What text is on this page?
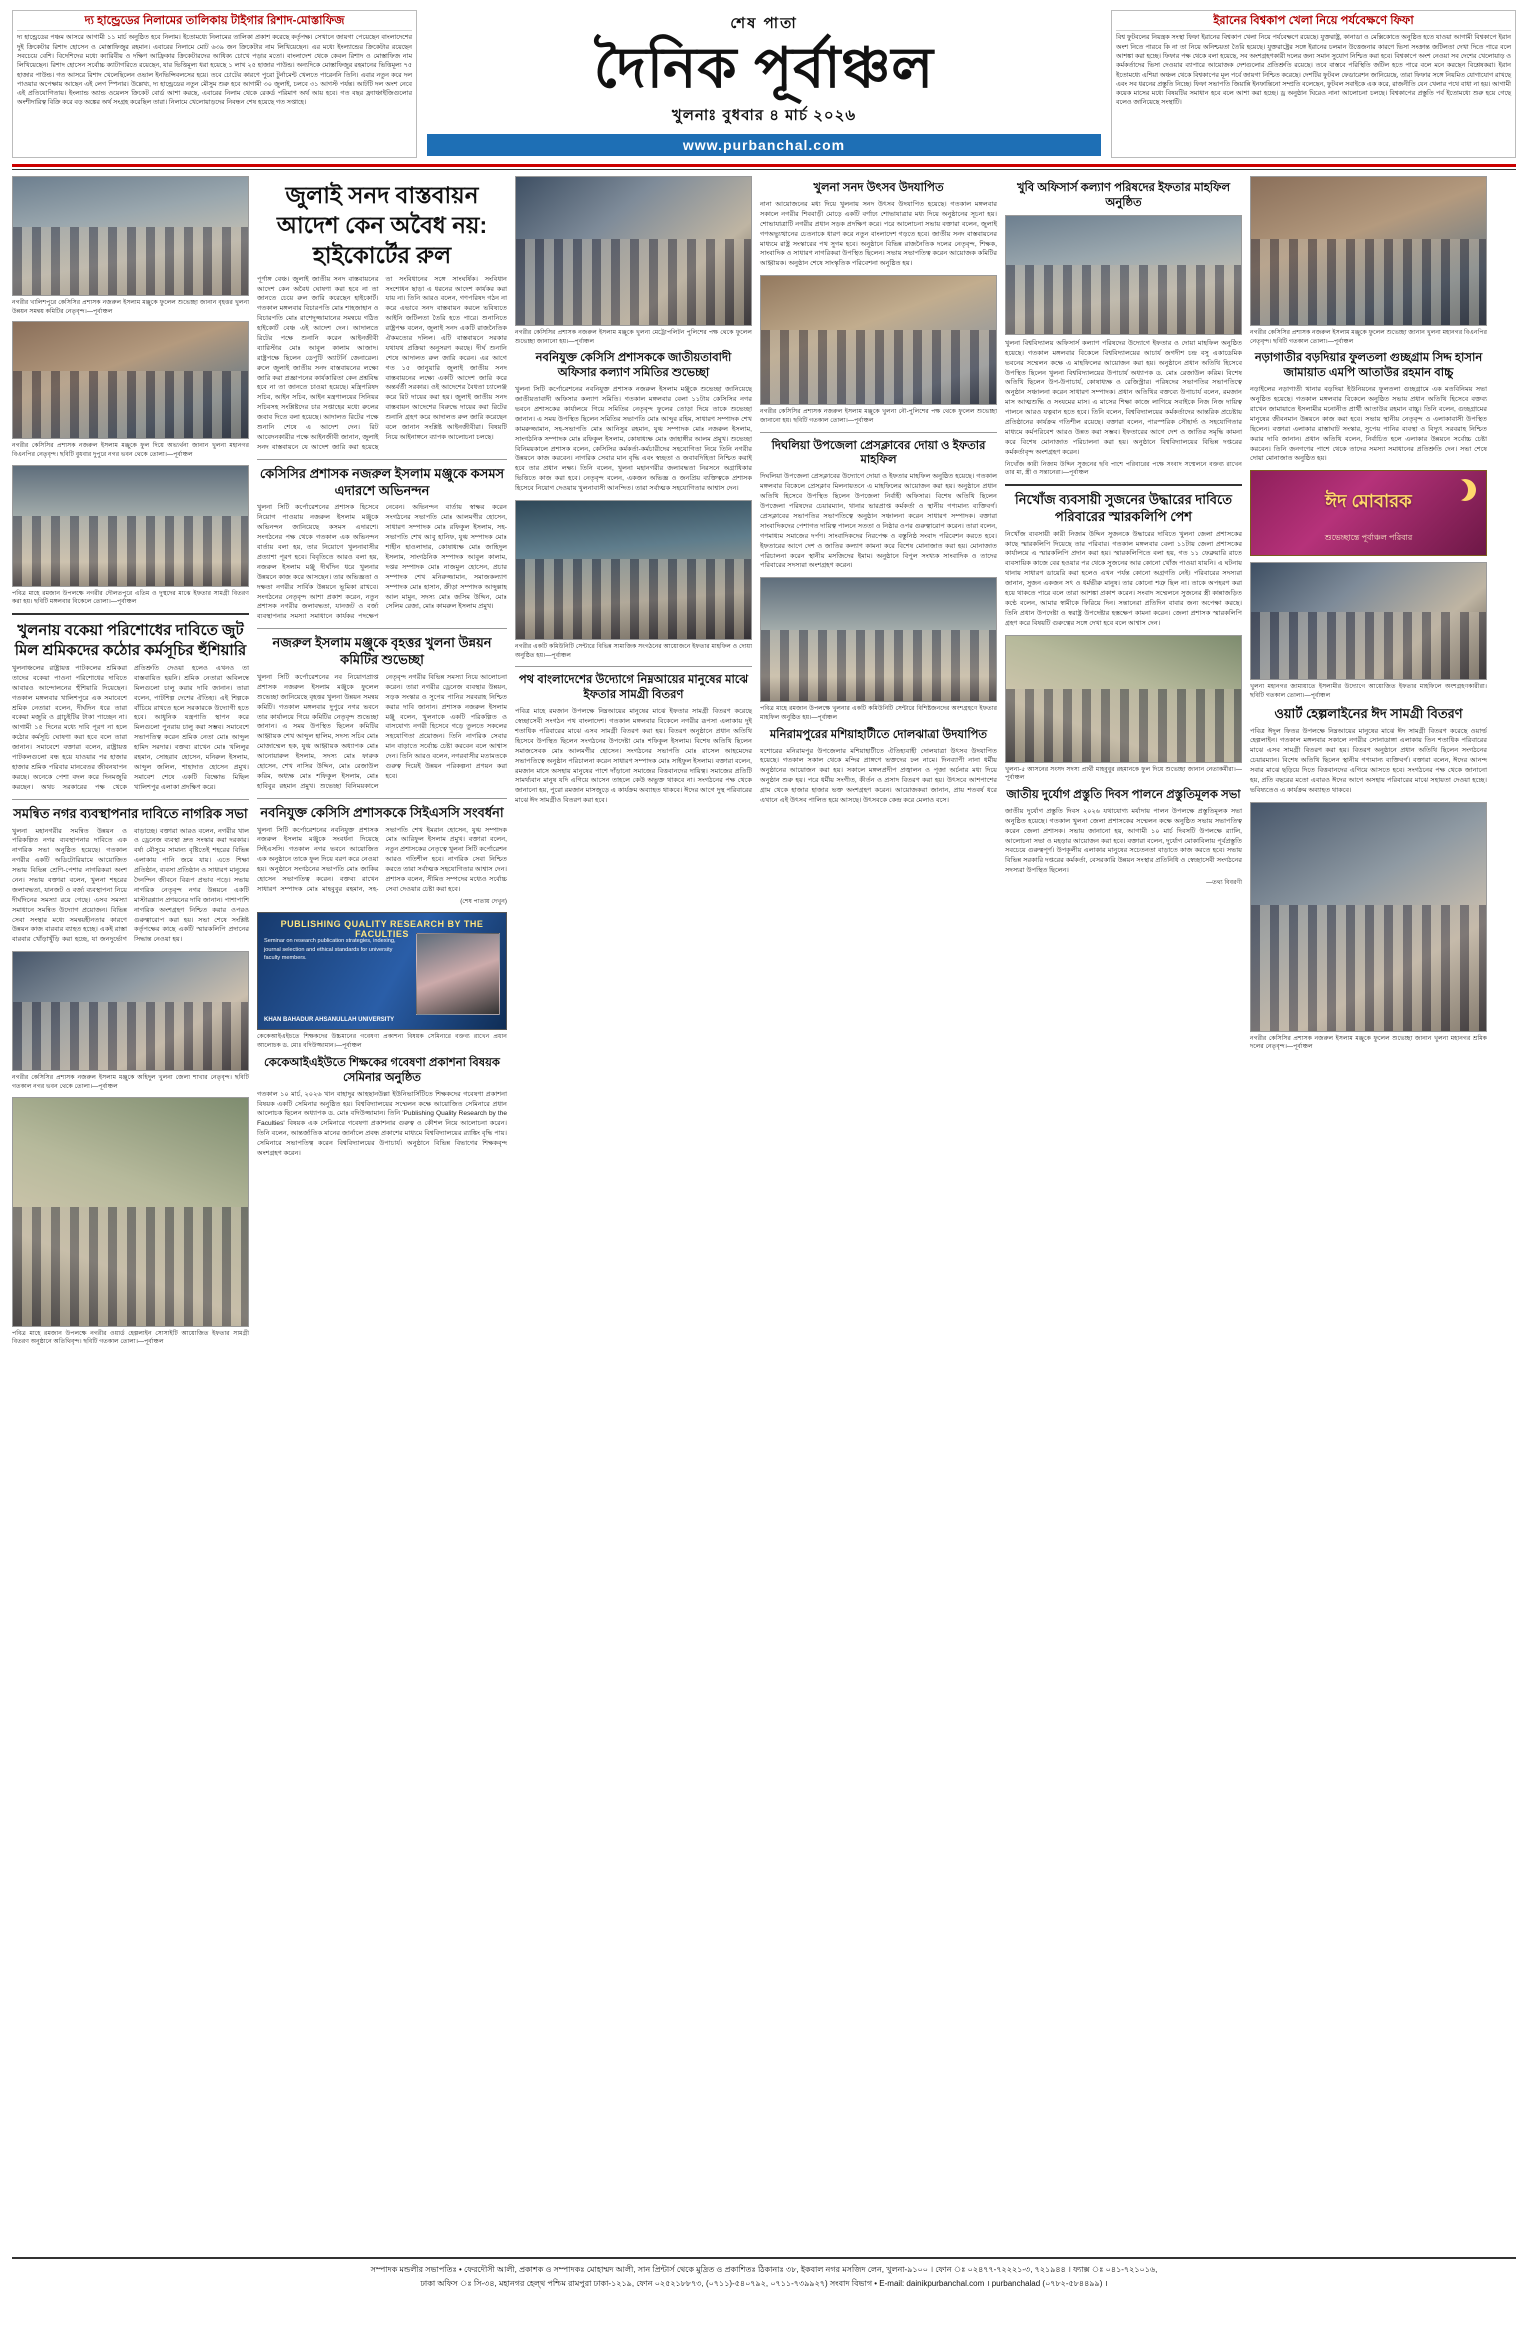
দ্য হান্ড্রেডের নিলামের তালিকায় টাইগার রিশাদ-মোস্তাফিজ
দ্য হান্ড্রেডের পঞ্চম আসরে আগামী ১১ মার্চ অনুষ্ঠিত হবে নিলাম। ইতোমধ্যে নিলামের তালিকা প্রকাশ করেছে কর্তৃপক্ষ। সেখানে জায়গা পেয়েছেন বাংলাদেশের দুই ক্রিকেটার রিশাদ হোসেন ও মোস্তাফিজুর রহমান। এবারের নিলামে মোট ৬৩৯ জন ক্রিকেটার নাম লিখিয়েছেন। এর মধ্যে ইংল্যান্ডের ক্রিকেটার রয়েছেন সবচেয়ে বেশি। বিদেশিদের মধ্যে ক্যারিবীয় ও দক্ষিণ আফ্রিকার ক্রিকেটারদের আধিক্য চোখে পড়ার মতো। বাংলাদেশ থেকে কেবল রিশাদ ও মোস্তাফিজ নাম লিখিয়েছেন। রিশাদ হোসেন সর্বোচ্চ ক্যাটাগরিতে রয়েছেন, যার ভিত্তিমূল্য ধরা হয়েছে ১ লাখ ২৫ হাজার পাউন্ড। অন্যদিকে মোস্তাফিজুর রহমানের ভিত্তিমূল্য ৭৫ হাজার পাউন্ড। গত আসরে রিশাদ খেলেছিলেন ওভাল ইনভিন্সিবলসের হয়ে। তবে চোটের কারণে পুরো টুর্নামেন্ট খেলতে পারেননি তিনি। এবার নতুন করে দল পাওয়ার অপেক্ষায় আছেন এই লেগ স্পিনার। উল্লেখ্য, দ্য হান্ড্রেডের নতুন মৌসুম শুরু হবে আগামী ৩০ জুলাই, চলবে ৩১ আগস্ট পর্যন্ত। আটটি দল অংশ নেবে এই প্রতিযোগিতায়। ইংল্যান্ড অ্যান্ড ওয়েলস ক্রিকেট বোর্ড আশা করছে, এবারের নিলাম থেকে রেকর্ড পরিমাণ অর্থ আয় হবে। গত বছর ফ্র্যাঞ্চাইজিগুলোর অংশীদারিত্ব বিক্রি করে বড় অঙ্কের অর্থ সংগ্রহ করেছিল তারা। নিলামে খেলোয়াড়দের নিবন্ধন শেষ হয়েছে গত সপ্তাহে।
শেষ পাতা
দৈনিক পূর্বাঞ্চল
খুলনাঃ বুধবার ৪ মার্চ ২০২৬
www.purbanchal.com
ইরানের বিশ্বকাপ খেলা নিয়ে পর্যবেক্ষণে ফিফা
বিশ্ব ফুটবলের নিয়ন্ত্রক সংস্থা ফিফা ইরানের বিশ্বকাপ খেলা নিয়ে পর্যবেক্ষণে রয়েছে। যুক্তরাষ্ট্র, কানাডা ও মেক্সিকোতে অনুষ্ঠিত হতে যাওয়া আগামী বিশ্বকাপে ইরান অংশ নিতে পারবে কি না তা নিয়ে অনিশ্চয়তা তৈরি হয়েছে। যুক্তরাষ্ট্রের সঙ্গে ইরানের চলমান উত্তেজনার কারণে ভিসা সংক্রান্ত জটিলতা দেখা দিতে পারে বলে আশঙ্কা করা হচ্ছে। ফিফার পক্ষ থেকে বলা হয়েছে, সব অংশগ্রহণকারী দলের জন্য সমান সুযোগ নিশ্চিত করা হবে। বিশ্বকাপে অংশ নেওয়া সব দেশের খেলোয়াড় ও কর্মকর্তাদের ভিসা দেওয়ার ব্যাপারে আয়োজক দেশগুলোর প্রতিশ্রুতি রয়েছে। তবে বাস্তবে পরিস্থিতি জটিল হতে পারে বলে মনে করছেন বিশ্লেষকরা। ইরান ইতোমধ্যে এশিয়া অঞ্চল থেকে বিশ্বকাপের মূল পর্বে জায়গা নিশ্চিত করেছে। দেশটির ফুটবল ফেডারেশন জানিয়েছে, তারা ফিফার সঙ্গে নিয়মিত যোগাযোগ রাখছে এবং সব ধরনের প্রস্তুতি নিচ্ছে। ফিফা সভাপতি জিয়ান্নি ইনফান্তিনো সম্প্রতি বলেছেন, ফুটবল সবাইকে এক করে, রাজনীতি যেন খেলার পথে বাধা না হয়। আগামী কয়েক মাসের মধ্যে বিষয়টির সমাধান হবে বলে আশা করা হচ্ছে। ড্র অনুষ্ঠান ঘিরেও নানা আলোচনা চলছে। বিশ্বকাপের প্রস্তুতি পর্ব ইতোমধ্যে শুরু হয়ে গেছে বলেও জানিয়েছে সংস্থাটি।
নগরীর খালিশপুরে কেসিসির প্রশাসক নজরুল ইসলাম মঞ্জুকে ফুলেল শুভেচ্ছা জানান বৃহত্তর খুলনা উন্নয়ন সমন্বয় কমিটির নেতৃবৃন্দ।—পূর্বাঞ্চল
নগরীর কেসিসির প্রশাসক নজরুল ইসলাম মঞ্জুকে ফুল দিয়ে অভ্যর্থনা জানান খুলনা মহানগর বিএনপির নেতৃবৃন্দ। ছবিটি বুধবার দুপুরে নগর ভবন থেকে তোলা।—পূর্বাঞ্চল
পবিত্র মাহে রমজান উপলক্ষে নগরীর দৌলতপুরে এতিম ও দুস্থদের মাঝে ইফতার সামগ্রী বিতরণ করা হয়। ছবিটি মঙ্গলবার বিকেলে তোলা।—পূর্বাঞ্চল
খুলনায় বকেয়া পরিশোধের দাবিতে জুট মিল শ্রমিকদের কঠোর কর্মসূচির হুঁশিয়ারি
খুলনাঞ্চলের রাষ্ট্রায়ত্ত পাটকলের শ্রমিকরা তাদের বকেয়া পাওনা পরিশোধের দাবিতে আবারও আন্দোলনের হুঁশিয়ারি দিয়েছেন। গতকাল মঙ্গলবার খালিশপুরে এক সমাবেশে শ্রমিক নেতারা বলেন, দীর্ঘদিন ধরে তারা বকেয়া মজুরি ও গ্রাচুইটির টাকা পাচ্ছেন না। আগামী ১৫ দিনের মধ্যে দাবি পূরণ না হলে কঠোর কর্মসূচি ঘোষণা করা হবে বলে তারা জানান। সমাবেশে বক্তারা বলেন, রাষ্ট্রায়ত্ত পাটকলগুলো বন্ধ হয়ে যাওয়ার পর হাজার হাজার শ্রমিক পরিবার মানবেতর জীবনযাপন করছে। অনেকে পেশা বদল করে দিনমজুরি করছেন। অথচ সরকারের পক্ষ থেকে প্রতিশ্রুতি দেওয়া হলেও এখনও তা বাস্তবায়িত হয়নি। শ্রমিক নেতারা অবিলম্বে মিলগুলো চালু করার দাবি জানান। তারা বলেন, পাটশিল্প দেশের ঐতিহ্য। এই শিল্পকে বাঁচিয়ে রাখতে হলে সরকারকে উদ্যোগী হতে হবে। আধুনিক যন্ত্রপাতি স্থাপন করে মিলগুলো পুনরায় চালু করা সম্ভব। সমাবেশে সভাপতিত্ব করেন শ্রমিক নেতা মোঃ আব্দুল হামিদ সরদার। বক্তব্য রাখেন মোঃ খলিলুর রহমান, সোহরাব হোসেন, মনিরুল ইসলাম, আব্দুল জলিল, শাহাদাত হোসেন প্রমুখ। সমাবেশ শেষে একটি বিক্ষোভ মিছিল খালিশপুর এলাকা প্রদক্ষিণ করে।
সমন্বিত নগর ব্যবস্থাপনার দাবিতে নাগরিক সভা
খুলনা মহানগরীর সমন্বিত উন্নয়ন ও পরিকল্পিত নগর ব্যবস্থাপনার দাবিতে এক নাগরিক সভা অনুষ্ঠিত হয়েছে। গতকাল নগরীর একটি অডিটোরিয়ামে আয়োজিত সভায় বিভিন্ন শ্রেণি-পেশার নাগরিকরা অংশ নেন। সভায় বক্তারা বলেন, খুলনা শহরের জলাবদ্ধতা, যানজট ও বর্জ্য ব্যবস্থাপনা নিয়ে দীর্ঘদিনের সমস্যা রয়ে গেছে। এসব সমস্যা সমাধানে সমন্বিত উদ্যোগ প্রয়োজন। বিভিন্ন সেবা সংস্থার মধ্যে সমন্বয়হীনতার কারণে উন্নয়ন কাজ বারবার ব্যাহত হচ্ছে। একই রাস্তা বারবার খোঁড়াখুঁড়ি করা হচ্ছে, যা জনদুর্ভোগ বাড়াচ্ছে। বক্তারা আরও বলেন, নগরীর খাল ও ড্রেনেজ ব্যবস্থা দ্রুত সংস্কার করা দরকার। বর্ষা মৌসুমে সামান্য বৃষ্টিতেই শহরের বিভিন্ন এলাকায় পানি জমে যায়। এতে শিক্ষা প্রতিষ্ঠান, ব্যবসা প্রতিষ্ঠান ও সাধারণ মানুষের দৈনন্দিন জীবনে বিরূপ প্রভাব পড়ে। সভায় নাগরিক নেতৃবৃন্দ নগর উন্নয়নে একটি মাস্টারপ্ল্যান প্রণয়নের দাবি জানান। পাশাপাশি নাগরিক অংশগ্রহণ নিশ্চিত করার ওপরও গুরুত্বারোপ করা হয়। সভা শেষে সংশ্লিষ্ট কর্তৃপক্ষের কাছে একটি স্মারকলিপি প্রদানের সিদ্ধান্ত নেওয়া হয়।
নগরীর কেসিসির প্রশাসক নজরুল ইসলাম মঞ্জুকে অহিদুল খুলনা জেলা শাখার নেতৃবৃন্দ। ছবিটি গতকাল নগর ভবন থেকে তোলা।—পূর্বাঞ্চল
পবিত্র মাহে রমজান উপলক্ষে নগরীর ওয়ার্ড হেল্পলাইন সোসাইটি আয়োজিত ইফতার সামগ্রী বিতরণ অনুষ্ঠানে অতিথিবৃন্দ। ছবিটি গতকাল তোলা।—পূর্বাঞ্চল
জুলাই সনদ বাস্তবায়ন আদেশ কেন অবৈধ নয়: হাইকোর্টের রুল
পূর্ণাঙ্গ বেঞ্চ। জুলাই জাতীয় সনদ বাস্তবায়নের আদেশ কেন অবৈধ ঘোষণা করা হবে না তা জানতে চেয়ে রুল জারি করেছেন হাইকোর্ট। গতকাল মঙ্গলবার বিচারপতি মোঃ শাহজাহান ও বিচারপতি মোঃ রাশেদুজ্জামানের সমন্বয়ে গঠিত হাইকোর্ট বেঞ্চ এই আদেশ দেন। আদালতে রিটের পক্ষে শুনানি করেন আইনজীবী ব্যারিস্টার মোঃ আবুল কালাম আজাদ। রাষ্ট্রপক্ষে ছিলেন ডেপুটি অ্যাটর্নি জেনারেল। রুলে জুলাই জাতীয় সনদ বাস্তবায়নের লক্ষ্যে জারি করা প্রজ্ঞাপনের কার্যকারিতা কেন প্রশ্নবিদ্ধ হবে না তা জানতে চাওয়া হয়েছে। মন্ত্রিপরিষদ সচিব, আইন সচিব, আইন মন্ত্রণালয়ের সিনিয়র সচিবসহ সংশ্লিষ্টদের চার সপ্তাহের মধ্যে রুলের জবাব দিতে বলা হয়েছে। আদালত রিটের পক্ষে শুনানি শেষে এ আদেশ দেন। রিট আবেদনকারীর পক্ষে আইনজীবী জানান, জুলাই সনদ বাস্তবায়নে যে আদেশ জারি করা হয়েছে তা সংবিধানের সঙ্গে সাংঘর্ষিক। সংবিধান সংশোধন ছাড়া এ ধরনের আদেশ কার্যকর করা যায় না। তিনি আরও বলেন, গণপরিষদ গঠন না করে এভাবে সনদ বাস্তবায়ন করলে ভবিষ্যতে আইনি জটিলতা তৈরি হতে পারে। শুনানিতে রাষ্ট্রপক্ষ বলেন, জুলাই সনদ একটি রাজনৈতিক ঐকমত্যের দলিল। এটি বাস্তবায়নে সরকার যথাযথ প্রক্রিয়া অনুসরণ করছে। দীর্ঘ শুনানি শেষে আদালত রুল জারি করেন। এর আগে গত ১৫ জানুয়ারি জুলাই জাতীয় সনদ বাস্তবায়নের লক্ষ্যে একটি আদেশ জারি করে অন্তর্বর্তী সরকার। ওই আদেশের বৈধতা চ্যালেঞ্জ করে রিট দায়ের করা হয়। জুলাই জাতীয় সনদ বাস্তবায়ন আদেশের বিরুদ্ধে দায়ের করা রিটের শুনানি গ্রহণ করে আদালত রুল জারি করেছেন বলে জানান সংশ্লিষ্ট আইনজীবীরা। বিষয়টি নিয়ে আইনাঙ্গনে ব্যাপক আলোচনা চলছে।
কেসিসির প্রশাসক নজরুল ইসলাম মঞ্জুকে কসমস এদারশে অভিনন্দন
খুলনা সিটি কর্পোরেশনের প্রশাসক হিসেবে নিয়োগ পাওয়ায় নজরুল ইসলাম মঞ্জুকে অভিনন্দন জানিয়েছে কসমস এদারশে। সংগঠনের পক্ষ থেকে গতকাল এক অভিনন্দন বার্তায় বলা হয়, তার নিয়োগে খুলনাবাসীর প্রত্যাশা পূরণ হবে। বিবৃতিতে আরও বলা হয়, নজরুল ইসলাম মঞ্জু দীর্ঘদিন ধরে খুলনার উন্নয়নে কাজ করে আসছেন। তার অভিজ্ঞতা ও দক্ষতা নগরীর সার্বিক উন্নয়নে ভূমিকা রাখবে। সংগঠনের নেতৃবৃন্দ আশা প্রকাশ করেন, নতুন প্রশাসক নগরীর জলাবদ্ধতা, যানজট ও বর্জ্য ব্যবস্থাপনার সমস্যা সমাধানে কার্যকর পদক্ষেপ নেবেন। অভিনন্দন বার্তায় স্বাক্ষর করেন সংগঠনের সভাপতি মোঃ আলমগীর হোসেন, সাধারণ সম্পাদক মোঃ রফিকুল ইসলাম, সহ-সভাপতি শেখ আবু হানিফ, যুগ্ম সম্পাদক মোঃ শাহীন হাওলাদার, কোষাধ্যক্ষ মোঃ জাহিদুল ইসলাম, সাংগঠনিক সম্পাদক আবুল কালাম, দপ্তর সম্পাদক মোঃ নাজমুল হোসেন, প্রচার সম্পাদক শেখ মনিরুজ্জামান, সমাজকল্যাণ সম্পাদক মোঃ হাসান, ক্রীড়া সম্পাদক আব্দুল্লাহ আল মামুন, সদস্য মোঃ জসিম উদ্দিন, মোঃ সেলিম রেজা, মোঃ কামরুল ইসলাম প্রমুখ।
নজরুল ইসলাম মঞ্জুকে বৃহত্তর খুলনা উন্নয়ন কমিটির শুভেচ্ছা
খুলনা সিটি কর্পোরেশনের নব নিয়োগপ্রাপ্ত প্রশাসক নজরুল ইসলাম মঞ্জুকে ফুলেল শুভেচ্ছা জানিয়েছে বৃহত্তর খুলনা উন্নয়ন সমন্বয় কমিটি। গতকাল মঙ্গলবার দুপুরে নগর ভবনে তার কার্যালয়ে গিয়ে কমিটির নেতৃবৃন্দ শুভেচ্ছা জানান। এ সময় উপস্থিত ছিলেন কমিটির আহ্বায়ক শেখ আব্দুল হালিম, সদস্য সচিব মোঃ মোজাম্মেল হক, যুগ্ম আহ্বায়ক অধ্যাপক মোঃ আনোয়ারুল ইসলাম, সদস্য মোঃ ফারুক হোসেন, শেখ নাসির উদ্দিন, মোঃ রেজাউল করিম, অধ্যক্ষ মোঃ শফিকুল ইসলাম, মোঃ হাবিবুর রহমান প্রমুখ। শুভেচ্ছা বিনিময়কালে নেতৃবৃন্দ নগরীর বিভিন্ন সমস্যা নিয়ে আলোচনা করেন। তারা নগরীর ড্রেনেজ ব্যবস্থার উন্নয়ন, সড়ক সংস্কার ও সুপেয় পানির সরবরাহ নিশ্চিত করার দাবি জানান। প্রশাসক নজরুল ইসলাম মঞ্জু বলেন, খুলনাকে একটি পরিকল্পিত ও বাসযোগ্য নগরী হিসেবে গড়ে তুলতে সকলের সহযোগিতা প্রয়োজন। তিনি নাগরিক সেবার মান বাড়াতে সর্বোচ্চ চেষ্টা করবেন বলে আশ্বাস দেন। তিনি আরও বলেন, নগরবাসীর মতামতকে গুরুত্ব দিয়েই উন্নয়ন পরিকল্পনা প্রণয়ন করা হবে।
নবনিযুক্ত কেসিসি প্রশাসককে সিইএসসি সংবর্ধনা
খুলনা সিটি কর্পোরেশনের নবনিযুক্ত প্রশাসক নজরুল ইসলাম মঞ্জুকে সংবর্ধনা দিয়েছে সিইএসসি। গতকাল নগর ভবনে আয়োজিত এক অনুষ্ঠানে তাকে ফুল দিয়ে বরণ করে নেওয়া হয়। অনুষ্ঠানে সংগঠনের সভাপতি মোঃ জাকির হোসেন সভাপতিত্ব করেন। বক্তব্য রাখেন সাধারণ সম্পাদক মোঃ মাহবুবুর রহমান, সহ-সভাপতি শেখ ইমরান হোসেন, যুগ্ম সম্পাদক মোঃ আরিফুল ইসলাম প্রমুখ। বক্তারা বলেন, নতুন প্রশাসকের নেতৃত্বে খুলনা সিটি কর্পোরেশন আরও গতিশীল হবে। নাগরিক সেবা নিশ্চিত করতে তারা সর্বাত্মক সহযোগিতার আশ্বাস দেন। প্রশাসক বলেন, সীমিত সম্পদের মধ্যেও সর্বোচ্চ সেবা দেওয়ার চেষ্টা করা হবে।
(শেষ পাতায় দেখুন)
PUBLISHING QUALITY RESEARCH BY THE FACULTIES
Seminar on research publication strategies, indexing, journal selection and ethical standards for university faculty members.
KHAN BAHADUR AHSANULLAH UNIVERSITY
কেকেআইএইচতে শিক্ষকদের উচ্চমানের গবেষণা প্রকাশনা বিষয়ক সেমিনারে বক্তব্য রাখেন প্রধান আলোচক ড. মোঃ বদিউজ্জামান।—পূর্বাঞ্চল
কেকেআইএইউতে শিক্ষকের গবেষণা প্রকাশনা বিষয়ক সেমিনার অনুষ্ঠিত
গতকাল ১০ মার্চ, ২০২৬ খান বাহাদুর আহছানউল্লা ইউনিভার্সিটিতে শিক্ষকদের গবেষণা প্রকাশনা বিষয়ক একটি সেমিনার অনুষ্ঠিত হয়। বিশ্ববিদ্যালয়ের সম্মেলন কক্ষে আয়োজিত সেমিনারে প্রধান আলোচক ছিলেন অধ্যাপক ড. মোঃ বদিউজ্জামান। তিনি 'Publishing Quality Research by the Faculties' বিষয়ক এক সেমিনারে গবেষণা প্রকাশনার গুরুত্ব ও কৌশল নিয়ে আলোচনা করেন। তিনি বলেন, আন্তর্জাতিক মানের জার্নালে প্রবন্ধ প্রকাশের মাধ্যমে বিশ্ববিদ্যালয়ের র‌্যাঙ্কিং বৃদ্ধি পায়। সেমিনারে সভাপতিত্ব করেন বিশ্ববিদ্যালয়ের উপাচার্য। অনুষ্ঠানে বিভিন্ন বিভাগের শিক্ষকবৃন্দ অংশগ্রহণ করেন।
নগরীর কেসিসির প্রশাসক নজরুল ইসলাম মঞ্জুকে খুলনা মেট্রোপলিটন পুলিশের পক্ষ থেকে ফুলেল শুভেচ্ছা জানানো হয়।—পূর্বাঞ্চল
নবনিযুক্ত কেসিসি প্রশাসককে জাতীয়তাবাদী অফিসার কল্যাণ সমিতির শুভেচ্ছা
খুলনা সিটি কর্পোরেশনের নবনিযুক্ত প্রশাসক নজরুল ইসলাম মঞ্জুকে শুভেচ্ছা জানিয়েছে জাতীয়তাবাদী অফিসার কল্যাণ সমিতি। গতকাল মঙ্গলবার বেলা ১১টায় কেসিসির নগর ভবনে প্রশাসকের কার্যালয়ে গিয়ে সমিতির নেতৃবৃন্দ ফুলের তোড়া দিয়ে তাকে শুভেচ্ছা জানান। এ সময় উপস্থিত ছিলেন সমিতির সভাপতি মোঃ আব্দুর রহিম, সাধারণ সম্পাদক শেখ কামরুজ্জামান, সহ-সভাপতি মোঃ আনিসুর রহমান, যুগ্ম সম্পাদক মোঃ নজরুল ইসলাম, সাংগঠনিক সম্পাদক মোঃ রফিকুল ইসলাম, কোষাধ্যক্ষ মোঃ জাহাঙ্গীর আলম প্রমুখ। শুভেচ্ছা বিনিময়কালে প্রশাসক বলেন, কেসিসির কর্মকর্তা-কর্মচারীদের সহযোগিতা নিয়ে তিনি নগরীর উন্নয়নে কাজ করবেন। নাগরিক সেবার মান বৃদ্ধি এবং স্বচ্ছতা ও জবাবদিহিতা নিশ্চিত করাই হবে তার প্রধান লক্ষ্য। তিনি বলেন, খুলনা মহানগরীর জলাবদ্ধতা নিরসনে অগ্রাধিকার ভিত্তিতে কাজ করা হবে। নেতৃবৃন্দ বলেন, একজন অভিজ্ঞ ও জনপ্রিয় ব্যক্তিত্বকে প্রশাসক হিসেবে নিয়োগ দেওয়ায় খুলনাবাসী আনন্দিত। তারা সর্বাত্মক সহযোগিতার আশ্বাস দেন।
নগরীর একটি কমিউনিটি সেন্টারে বিভিন্ন সামাজিক সংগঠনের আয়োজনে ইফতার মাহফিল ও দোয়া অনুষ্ঠিত হয়।—পূর্বাঞ্চল
পথ বাংলাদেশের উদ্যোগে নিম্নআয়ের মানুষের মাঝে ইফতার সামগ্রী বিতরণ
পবিত্র মাহে রমজান উপলক্ষে নিম্নআয়ের মানুষের মাঝে ইফতার সামগ্রী বিতরণ করেছে স্বেচ্ছাসেবী সংগঠন পথ বাংলাদেশ। গতকাল মঙ্গলবার বিকেলে নগরীর রূপসা এলাকায় দুই শতাধিক পরিবারের মাঝে এসব সামগ্রী বিতরণ করা হয়। বিতরণ অনুষ্ঠানে প্রধান অতিথি হিসেবে উপস্থিত ছিলেন সংগঠনের উপদেষ্টা মোঃ শফিকুল ইসলাম। বিশেষ অতিথি ছিলেন সমাজসেবক মোঃ আলমগীর হোসেন। সংগঠনের সভাপতি মোঃ রাসেল আহমেদের সভাপতিত্বে অনুষ্ঠান পরিচালনা করেন সাধারণ সম্পাদক মোঃ সাইফুল ইসলাম। বক্তারা বলেন, রমজান মাসে অসহায় মানুষের পাশে দাঁড়ানো সমাজের বিত্তবানদের দায়িত্ব। সমাজের প্রতিটি সামর্থ্যবান মানুষ যদি এগিয়ে আসেন তাহলে কেউ অভুক্ত থাকবে না। সংগঠনের পক্ষ থেকে জানানো হয়, পুরো রমজান মাসজুড়ে এ কার্যক্রম অব্যাহত থাকবে। ঈদের আগে দুস্থ পরিবারের মাঝে ঈদ সামগ্রীও বিতরণ করা হবে।
খুলনা সনদ উৎসব উদযাপিত
নানা আয়োজনের মধ্য দিয়ে খুলনায় সনদ উৎসব উদযাপিত হয়েছে। গতকাল মঙ্গলবার সকালে নগরীর শিববাড়ী মোড়ে একটি বর্ণাঢ্য শোভাযাত্রার মধ্য দিয়ে অনুষ্ঠানের সূচনা হয়। শোভাযাত্রাটি নগরীর প্রধান সড়ক প্রদক্ষিণ করে। পরে আলোচনা সভায় বক্তারা বলেন, জুলাই গণঅভ্যুত্থানের চেতনাকে ধারণ করে নতুন বাংলাদেশ গড়তে হবে। জাতীয় সনদ বাস্তবায়নের মাধ্যমে রাষ্ট্র সংস্কারের পথ সুগম হবে। অনুষ্ঠানে বিভিন্ন রাজনৈতিক দলের নেতৃবৃন্দ, শিক্ষক, সাংবাদিক ও সাধারণ নাগরিকরা উপস্থিত ছিলেন। সভায় সভাপতিত্ব করেন আয়োজক কমিটির আহ্বায়ক। অনুষ্ঠান শেষে সাংস্কৃতিক পরিবেশনা অনুষ্ঠিত হয়।
নগরীর কেসিসির প্রশাসক নজরুল ইসলাম মঞ্জুকে খুলনা নৌ-পুলিশের পক্ষ থেকে ফুলেল শুভেচ্ছা জানানো হয়। ছবিটি গতকাল তোলা।—পূর্বাঞ্চল
দিঘলিয়া উপজেলা প্রেসক্লাবের দোয়া ও ইফতার মাহফিল
দিঘলিয়া উপজেলা প্রেসক্লাবের উদ্যোগে দোয়া ও ইফতার মাহফিল অনুষ্ঠিত হয়েছে। গতকাল মঙ্গলবার বিকেলে প্রেসক্লাব মিলনায়তনে এ মাহফিলের আয়োজন করা হয়। অনুষ্ঠানে প্রধান অতিথি হিসেবে উপস্থিত ছিলেন উপজেলা নির্বাহী অফিসার। বিশেষ অতিথি ছিলেন উপজেলা পরিষদের চেয়ারম্যান, থানার ভারপ্রাপ্ত কর্মকর্তা ও স্থানীয় গণ্যমান্য ব্যক্তিবর্গ। প্রেসক্লাবের সভাপতির সভাপতিত্বে অনুষ্ঠান সঞ্চালনা করেন সাধারণ সম্পাদক। বক্তারা সাংবাদিকদের পেশাগত দায়িত্ব পালনে সততা ও নিষ্ঠার ওপর গুরুত্বারোপ করেন। তারা বলেন, গণমাধ্যম সমাজের দর্পণ। সাংবাদিকদের নিরপেক্ষ ও বস্তুনিষ্ঠ সংবাদ পরিবেশন করতে হবে। ইফতারের আগে দেশ ও জাতির কল্যাণ কামনা করে বিশেষ মোনাজাত করা হয়। মোনাজাত পরিচালনা করেন স্থানীয় মসজিদের ইমাম। অনুষ্ঠানে বিপুল সংখ্যক সাংবাদিক ও তাদের পরিবারের সদস্যরা অংশগ্রহণ করেন।
পবিত্র মাহে রমজান উপলক্ষে খুলনার একটি কমিউনিটি সেন্টারে বিশিষ্টজনদের অংশগ্রহণে ইফতার মাহফিল অনুষ্ঠিত হয়।—পূর্বাঞ্চল
মনিরামপুরের মশিয়াহাটীতে দোলঝাত্রা উদযাপিত
যশোরের মনিরামপুর উপজেলার মশিয়াহাটীতে ঐতিহ্যবাহী দোলযাত্রা উৎসব উদযাপিত হয়েছে। গতকাল সকাল থেকে মন্দির প্রাঙ্গণে ভক্তদের ঢল নামে। দিনব্যাপী নানা ধর্মীয় অনুষ্ঠানের আয়োজন করা হয়। সকালে মঙ্গলপ্রদীপ প্রজ্বালন ও পূজা অর্চনার মধ্য দিয়ে অনুষ্ঠান শুরু হয়। পরে ধর্মীয় সংগীত, কীর্তন ও প্রসাদ বিতরণ করা হয়। উৎসবে আশপাশের গ্রাম থেকে হাজার হাজার ভক্ত অংশগ্রহণ করেন। আয়োজকরা জানান, প্রায় শতবর্ষ ধরে এখানে এই উৎসব পালিত হয়ে আসছে। উৎসবকে কেন্দ্র করে মেলাও বসে।
খুবি অফিসার্স কল্যাণ পরিষদের ইফতার মাহফিল অনুষ্ঠিত
খুলনা বিশ্ববিদ্যালয় অফিসার্স কল্যাণ পরিষদের উদ্যোগে ইফতার ও দোয়া মাহফিল অনুষ্ঠিত হয়েছে। গতকাল মঙ্গলবার বিকেলে বিশ্ববিদ্যালয়ের আচার্য জগদীশ চন্দ্র বসু একাডেমিক ভবনের সম্মেলন কক্ষে এ মাহফিলের আয়োজন করা হয়। অনুষ্ঠানে প্রধান অতিথি হিসেবে উপস্থিত ছিলেন খুলনা বিশ্ববিদ্যালয়ের উপাচার্য অধ্যাপক ড. মোঃ রেজাউল করিম। বিশেষ অতিথি ছিলেন উপ-উপাচার্য, কোষাধ্যক্ষ ও রেজিস্ট্রার। পরিষদের সভাপতির সভাপতিত্বে অনুষ্ঠান সঞ্চালনা করেন সাধারণ সম্পাদক। প্রধান অতিথির বক্তব্যে উপাচার্য বলেন, রমজান মাস আত্মশুদ্ধি ও সংযমের মাস। এ মাসের শিক্ষা কাজে লাগিয়ে সবাইকে নিজ নিজ দায়িত্ব পালনে আরও যত্নবান হতে হবে। তিনি বলেন, বিশ্ববিদ্যালয়ের কর্মকর্তাদের আন্তরিক প্রচেষ্টায় প্রতিষ্ঠানের কার্যক্রম গতিশীল রয়েছে। বক্তারা বলেন, পারস্পরিক সৌহার্দ্য ও সহযোগিতার মাধ্যমে কর্মপরিবেশ আরও উন্নত করা সম্ভব। ইফতারের আগে দেশ ও জাতির সমৃদ্ধি কামনা করে বিশেষ মোনাজাত পরিচালনা করা হয়। অনুষ্ঠানে বিশ্ববিদ্যালয়ের বিভিন্ন দপ্তরের কর্মকর্তাবৃন্দ অংশগ্রহণ করেন।
নিখোঁজ কারী নিজাম উদ্দিন সুজনের ছবি পাশে পরিবারের পক্ষে সংবাদ সম্মেলনে বক্তব্য রাখেন তার মা, স্ত্রী ও সন্তানেরা।—পূর্বাঞ্চল
নিখোঁজ ব্যবসায়ী সুজনের উদ্ধারের দাবিতে পরিবারের স্মারকলিপি পেশ
নিখোঁজ ব্যবসায়ী কারী নিজাম উদ্দিন সুজনকে উদ্ধারের দাবিতে খুলনা জেলা প্রশাসকের কাছে স্মারকলিপি দিয়েছে তার পরিবার। গতকাল মঙ্গলবার বেলা ১১টায় জেলা প্রশাসকের কার্যালয়ে এ স্মারকলিপি প্রদান করা হয়। স্মারকলিপিতে বলা হয়, গত ১১ ফেব্রুয়ারি রাতে ব্যবসায়িক কাজে বের হওয়ার পর থেকে সুজনের আর কোনো খোঁজ পাওয়া যায়নি। এ ঘটনায় থানায় সাধারণ ডায়েরি করা হলেও এখন পর্যন্ত কোনো অগ্রগতি নেই। পরিবারের সদস্যরা জানান, সুজন একজন সৎ ও ধর্মভীরু মানুষ। তার কোনো শত্রু ছিল না। তাকে অপহরণ করা হয়ে থাকতে পারে বলে তারা আশঙ্কা প্রকাশ করেন। সংবাদ সম্মেলনে সুজনের স্ত্রী কান্নাজড়িত কণ্ঠে বলেন, আমার স্বামীকে ফিরিয়ে দিন। সন্তানেরা প্রতিদিন বাবার জন্য অপেক্ষা করছে। তিনি প্রধান উপদেষ্টা ও স্বরাষ্ট্র উপদেষ্টার হস্তক্ষেপ কামনা করেন। জেলা প্রশাসক স্মারকলিপি গ্রহণ করে বিষয়টি গুরুত্বের সঙ্গে দেখা হবে বলে আশ্বাস দেন।
খুলনা-৫ আসনের সংসদ সদস্য প্রার্থী মাহবুবুর রহমানকে ফুল দিয়ে শুভেচ্ছা জানান নেতাকর্মীরা।—পূর্বাঞ্চল
জাতীয় দুর্যোগ প্রস্তুতি দিবস পালনে প্রস্তুতিমূলক সভা
জাতীয় দুর্যোগ প্রস্তুতি দিবস ২০২৬ যথাযোগ্য মর্যাদায় পালন উপলক্ষে প্রস্তুতিমূলক সভা অনুষ্ঠিত হয়েছে। গতকাল খুলনা জেলা প্রশাসকের সম্মেলন কক্ষে অনুষ্ঠিত সভায় সভাপতিত্ব করেন জেলা প্রশাসক। সভায় জানানো হয়, আগামী ১০ মার্চ দিবসটি উপলক্ষে র‌্যালি, আলোচনা সভা ও মহড়ার আয়োজন করা হবে। বক্তারা বলেন, দুর্যোগ মোকাবিলায় পূর্বপ্রস্তুতি সবচেয়ে গুরুত্বপূর্ণ। উপকূলীয় এলাকার মানুষের সচেতনতা বাড়াতে কাজ করতে হবে। সভায় বিভিন্ন সরকারি দপ্তরের কর্মকর্তা, বেসরকারি উন্নয়ন সংস্থার প্রতিনিধি ও স্বেচ্ছাসেবী সংগঠনের সদস্যরা উপস্থিত ছিলেন।
—তথ্য বিবরণী
নগরীর কেসিসির প্রশাসক নজরুল ইসলাম মঞ্জুকে ফুলেল শুভেচ্ছা জানান খুলনা মহানগর বিএনপির নেতৃবৃন্দ। ছবিটি গতকাল তোলা।—পূর্বাঞ্চল
নড়াগাতীর বড়দিয়ার ফুলতলা গুচ্ছগ্রাম সিদ্দ হাসান জামায়াত এমপি আতাউর রহমান বাচ্চু
নড়াইলের নড়াগাতী থানার বড়দিয়া ইউনিয়নের ফুলতলা গুচ্ছগ্রামে এক মতবিনিময় সভা অনুষ্ঠিত হয়েছে। গতকাল মঙ্গলবার বিকেলে অনুষ্ঠিত সভায় প্রধান অতিথি হিসেবে বক্তব্য রাখেন জামায়াতে ইসলামীর মনোনীত প্রার্থী আতাউর রহমান বাচ্চু। তিনি বলেন, গুচ্ছগ্রামের মানুষের জীবনমান উন্নয়নে কাজ করা হবে। সভায় স্থানীয় নেতৃবৃন্দ ও এলাকাবাসী উপস্থিত ছিলেন। বক্তারা এলাকার রাস্তাঘাট সংস্কার, সুপেয় পানির ব্যবস্থা ও বিদ্যুৎ সরবরাহ নিশ্চিত করার দাবি জানান। প্রধান অতিথি বলেন, নির্বাচিত হলে এলাকার উন্নয়নে সর্বোচ্চ চেষ্টা করবেন। তিনি জনগণের পাশে থেকে তাদের সমস্যা সমাধানের প্রতিশ্রুতি দেন। সভা শেষে দোয়া মোনাজাত অনুষ্ঠিত হয়।
ঈদ মোবারক
শুভেচ্ছান্তে পূর্বাঞ্চল পরিবার
খুলনা মহানগর জামায়াতে ইসলামীর উদ্যোগে আয়োজিত ইফতার মাহফিলে অংশগ্রহণকারীরা। ছবিটি গতকাল তোলা।—পূর্বাঞ্চল
ওয়ার্ট হেল্পলাইনের ঈদ সামগ্রী বিতরণ
পবিত্র ঈদুল ফিতর উপলক্ষে নিম্নআয়ের মানুষের মাঝে ঈদ সামগ্রী বিতরণ করেছে ওয়ার্ল্ড হেল্পলাইন। গতকাল মঙ্গলবার সকালে নগরীর সোনাডাঙ্গা এলাকায় তিন শতাধিক পরিবারের মাঝে এসব সামগ্রী বিতরণ করা হয়। বিতরণ অনুষ্ঠানে প্রধান অতিথি ছিলেন সংগঠনের চেয়ারম্যান। বিশেষ অতিথি ছিলেন স্থানীয় গণ্যমান্য ব্যক্তিবর্গ। বক্তারা বলেন, ঈদের আনন্দ সবার মাঝে ছড়িয়ে দিতে বিত্তবানদের এগিয়ে আসতে হবে। সংগঠনের পক্ষ থেকে জানানো হয়, প্রতি বছরের মতো এবারও ঈদের আগে অসহায় পরিবারের মাঝে সহায়তা দেওয়া হচ্ছে। ভবিষ্যতেও এ কার্যক্রম অব্যাহত থাকবে।
নগরীর কেসিসির প্রশাসক নজরুল ইসলাম মঞ্জুকে ফুলেল শুভেচ্ছা জানান খুলনা মহানগর শ্রমিক দলের নেতৃবৃন্দ।—পূর্বাঞ্চল
সম্পাদক মন্ডলীর সভাপতিঃ • ফেরদৌসী আলী, প্রকাশক ও সম্পাদকঃ মোহাম্মদ আলী, সান প্রিন্টার্স থেকে মুদ্রিত ও প্রকাশিতঃ ঠিকানাঃ ৩৮, ইকবাল নগর মসজিদ লেন, খুলনা-৯১০০ । ফোন ঃ ০২৪৭৭-৭২২২১-৩, ৭২১৯৪৪ । ফ্যাক্স ঃ ০৪১-৭২১০১৬,
ঢাকা অফিস ঃ সি-৩৪, মহানগর হেল্থ পশ্চিম রামপুরা ঢাকা-১২১৯, ফোন ০২৫২১৮৮৭৩, (০৭১১)-৫৪০৭৯২, ০৭১১-৭৩৯৯২৭) সংবাদ বিভাগ • E-mail: dainikpurbanchal.com । purbanchalad (০৭৮২-৫৮৪৪৯৯) ।
